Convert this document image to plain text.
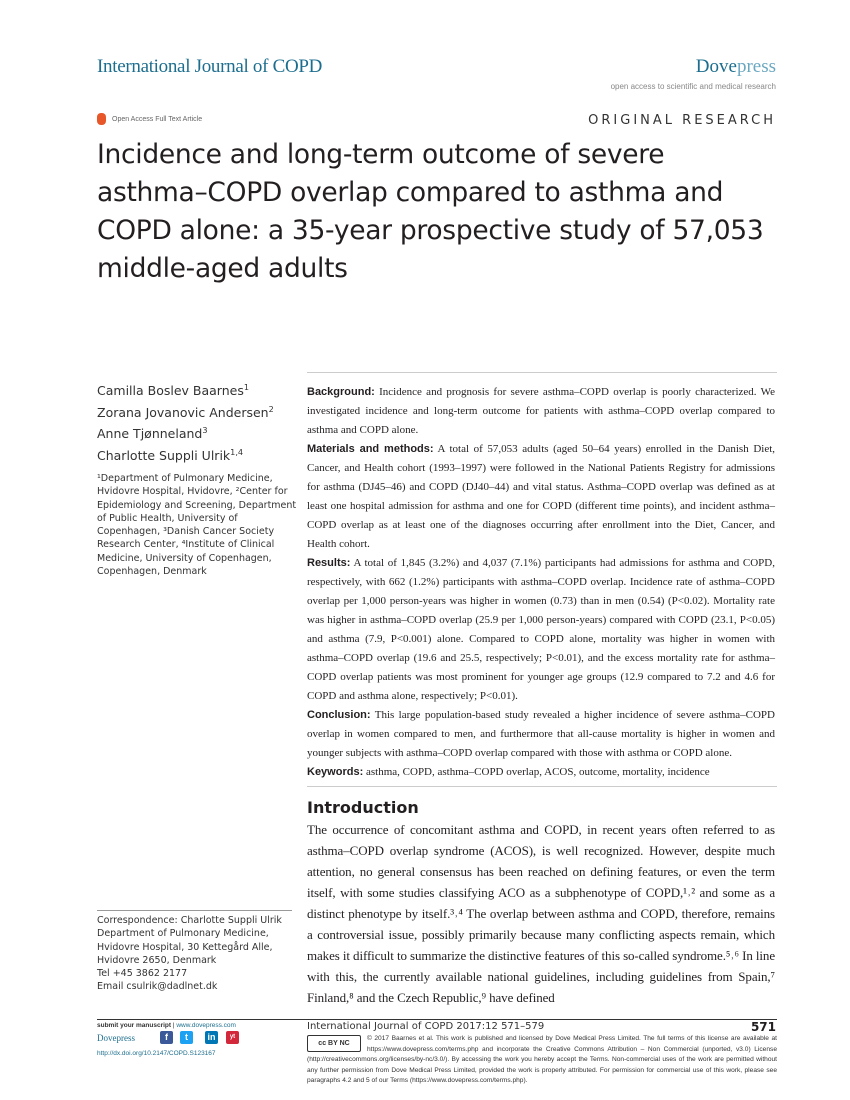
International Journal of COPD	Dovepress
open access to scientific and medical research
Open Access Full Text Article	ORIGINAL RESEARCH
Incidence and long-term outcome of severe asthma–COPD overlap compared to asthma and COPD alone: a 35-year prospective study of 57,053 middle-aged adults
Camilla Boslev Baarnes$^1$
Zorana Jovanovic Andersen$^2$
Anne Tjønneland$^3$
Charlotte Suppli Ulrik$^{1,4}$
¹Department of Pulmonary Medicine, Hvidovre Hospital, Hvidovre, ²Center for Epidemiology and Screening, Department of Public Health, University of Copenhagen, ³Danish Cancer Society Research Center, ⁴Institute of Clinical Medicine, University of Copenhagen, Copenhagen, Denmark

Background: Incidence and prognosis for severe asthma–COPD overlap is poorly characterized. We investigated incidence and long-term outcome for patients with asthma–COPD overlap compared to asthma and COPD alone.

Materials and methods: A total of 57,053 adults (aged 50–64 years) enrolled in the Danish Diet, Cancer, and Health cohort (1993–1997) were followed in the National Patients Registry for admissions for asthma (DJ45–46) and COPD (DJ40–44) and vital status. Asthma–COPD overlap was defined as at least one hospital admission for asthma and one for COPD (different time points), and incident asthma–COPD overlap as at least one of the diagnoses occurring after enrollment into the Diet, Cancer, and Health cohort.

Results: A total of 1,845 (3.2%) and 4,037 (7.1%) participants had admissions for asthma and COPD, respectively, with 662 (1.2%) participants with asthma–COPD overlap. Incidence rate of asthma–COPD overlap per 1,000 person-years was higher in women (0.73) than in men (0.54) (P<0.02). Mortality rate was higher in asthma–COPD overlap (25.9 per 1,000 person-years) compared with COPD (23.1, P<0.05) and asthma (7.9, P<0.001) alone. Compared to COPD alone, mortality was higher in women with asthma–COPD overlap (19.6 and 25.5, respectively; P<0.01), and the excess mortality rate for asthma–COPD overlap patients was most prominent for younger age groups (12.9 compared to 7.2 and 4.6 for COPD and asthma alone, respectively; P<0.01).

Conclusion: This large population-based study revealed a higher incidence of severe asthma–COPD overlap in women compared to men, and furthermore that all-cause mortality is higher in women and younger subjects with asthma–COPD overlap compared with those with asthma or COPD alone.

Keywords: asthma, COPD, asthma–COPD overlap, ACOS, outcome, mortality, incidence

Introduction

The occurrence of concomitant asthma and COPD, in recent years often referred to as asthma–COPD overlap syndrome (ACOS), is well recognized. However, despite much attention, no general consensus has been reached on defining features, or even the term itself, with some studies classifying ACO as a subphenotype of COPD,¹˒² and some as a distinct phenotype by itself.³˒⁴ The overlap between asthma and COPD, therefore, remains a controversial issue, possibly primarily because many conflicting aspects remain, which makes it difficult to summarize the distinctive features of this so-called syndrome.⁵˒⁶ In line with this, the currently available national guidelines, including guidelines from Spain,⁷ Finland,⁸ and the Czech Republic,⁹ have defined

Correspondence: Charlotte Suppli Ulrik
Department of Pulmonary Medicine,
Hvidovre Hospital, 30 Kettegård Alle,
Hvidovre 2650, Denmark
Tel +45 3862 2177
Email csulrik@dadlnet.dk
submit your manuscript | www.dovepress.com
Dovepress	f	t	in	yt
http://dx.doi.org/10.2147/COPD.S123167
International Journal of COPD 2017:12 571–579	571
cc BY NC
© 2017 Baarnes et al. This work is published and licensed by Dove Medical Press Limited. The full terms of this license are available at https://www.dovepress.com/terms.php and incorporate the Creative Commons Attribution – Non Commercial (unported, v3.0) License (http://creativecommons.org/licenses/by-nc/3.0/). By accessing the work you hereby accept the Terms. Non-commercial uses of the work are permitted without any further permission from Dove Medical Press Limited, provided the work is properly attributed. For permission for commercial use of this work, please see paragraphs 4.2 and 5 of our Terms (https://www.dovepress.com/terms.php).
